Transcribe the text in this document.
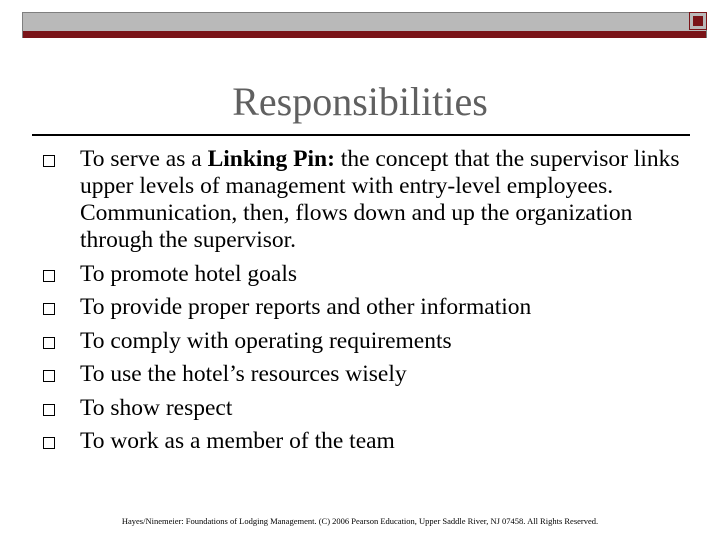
Responsibilities
To serve as a Linking Pin: the concept that the supervisor links upper levels of management with entry-level employees. Communication, then, flows down and up the organization through the supervisor.
To promote hotel goals
To provide proper reports and other information
To comply with operating requirements
To use the hotel’s resources wisely
To show respect
To work as a member of the team
Hayes/Ninemeier: Foundations of Lodging Management. (C) 2006 Pearson Education, Upper Saddle River, NJ 07458. All Rights Reserved.
